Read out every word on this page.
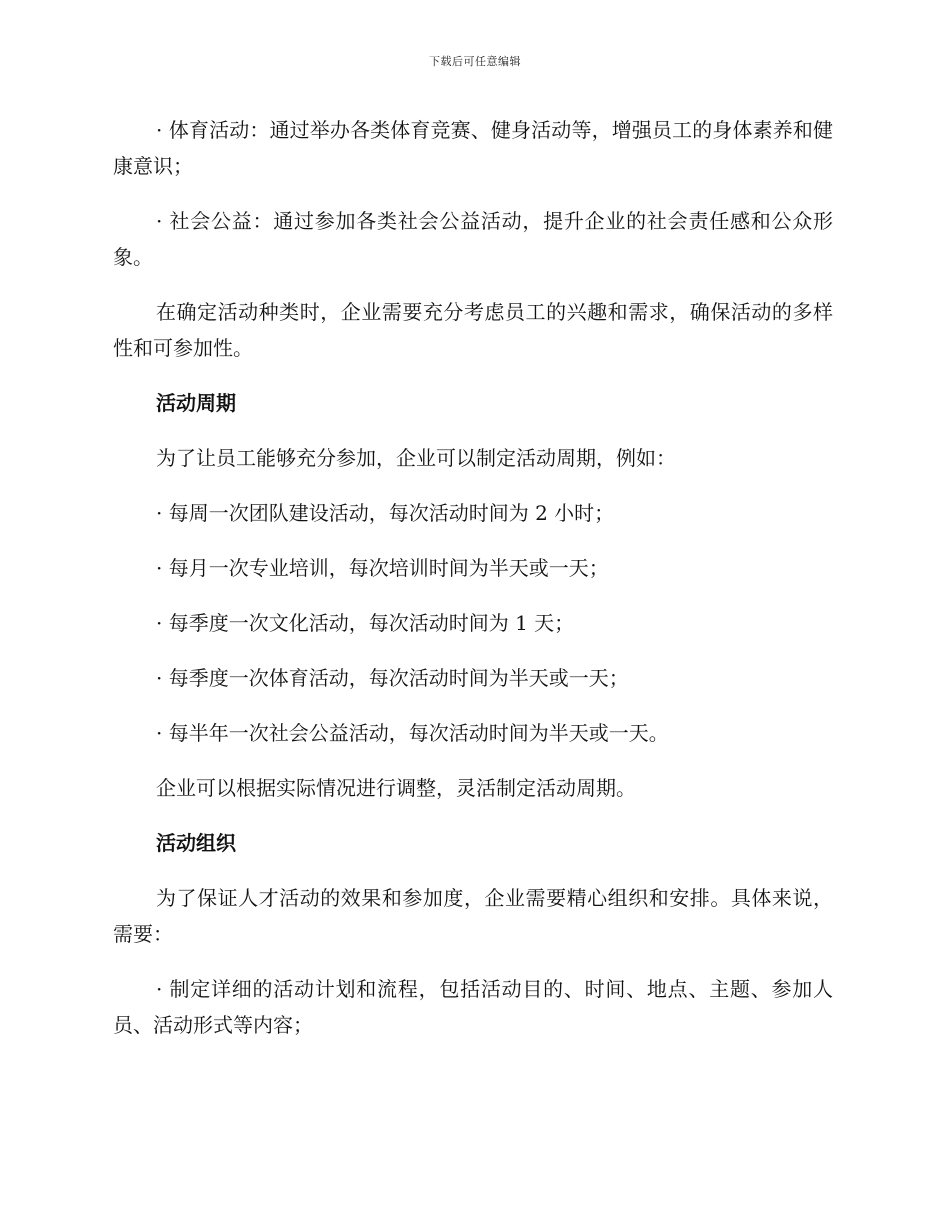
下载后可任意编辑

· 体育活动：通过举办各类体育竞赛、健身活动等，增强员工的身体素养和健康意识；

· 社会公益：通过参加各类社会公益活动，提升企业的社会责任感和公众形象。

在确定活动种类时，企业需要充分考虑员工的兴趣和需求，确保活动的多样性和可参加性。

活动周期

为了让员工能够充分参加，企业可以制定活动周期，例如：

· 每周一次团队建设活动，每次活动时间为 2 小时；

· 每月一次专业培训，每次培训时间为半天或一天；

· 每季度一次文化活动，每次活动时间为 1 天；

· 每季度一次体育活动，每次活动时间为半天或一天；

· 每半年一次社会公益活动，每次活动时间为半天或一天。

企业可以根据实际情况进行调整，灵活制定活动周期。

活动组织

为了保证人才活动的效果和参加度，企业需要精心组织和安排。具体来说，需要：

· 制定详细的活动计划和流程，包括活动目的、时间、地点、主题、参加人员、活动形式等内容；
